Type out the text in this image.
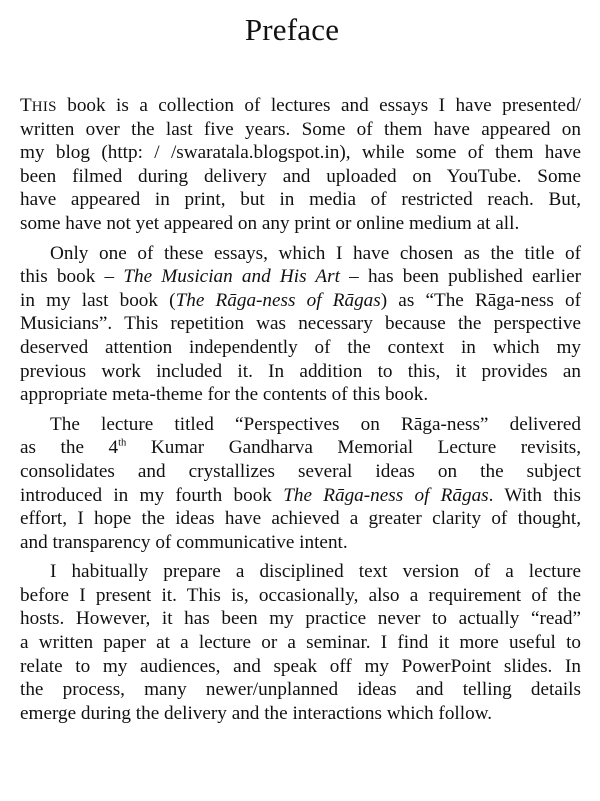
Preface
THIS book is a collection of lectures and essays I have presented/
written over the last five years. Some of them have appeared on
my blog (http: / /swaratala.blogspot.in), while some of them have
been filmed during delivery and uploaded on YouTube. Some
have appeared in print, but in media of restricted reach. But,
some have not yet appeared on any print or online medium at all.
Only one of these essays, which I have chosen as the title of
this book – The Musician and His Art – has been published earlier
in my last book (The Rāga-ness of Rāgas) as “The Rāga-ness of
Musicians”. This repetition was necessary because the perspective
deserved attention independently of the context in which my
previous work included it. In addition to this, it provides an
appropriate meta-theme for the contents of this book.
The lecture titled “Perspectives on Rāga-ness” delivered
as the 4th Kumar Gandharva Memorial Lecture revisits,
consolidates and crystallizes several ideas on the subject
introduced in my fourth book The Rāga-ness of Rāgas. With this
effort, I hope the ideas have achieved a greater clarity of thought,
and transparency of communicative intent.
I habitually prepare a disciplined text version of a lecture
before I present it. This is, occasionally, also a requirement of the
hosts. However, it has been my practice never to actually “read”
a written paper at a lecture or a seminar. I find it more useful to
relate to my audiences, and speak off my PowerPoint slides. In
the process, many newer/unplanned ideas and telling details
emerge during the delivery and the interactions which follow.
